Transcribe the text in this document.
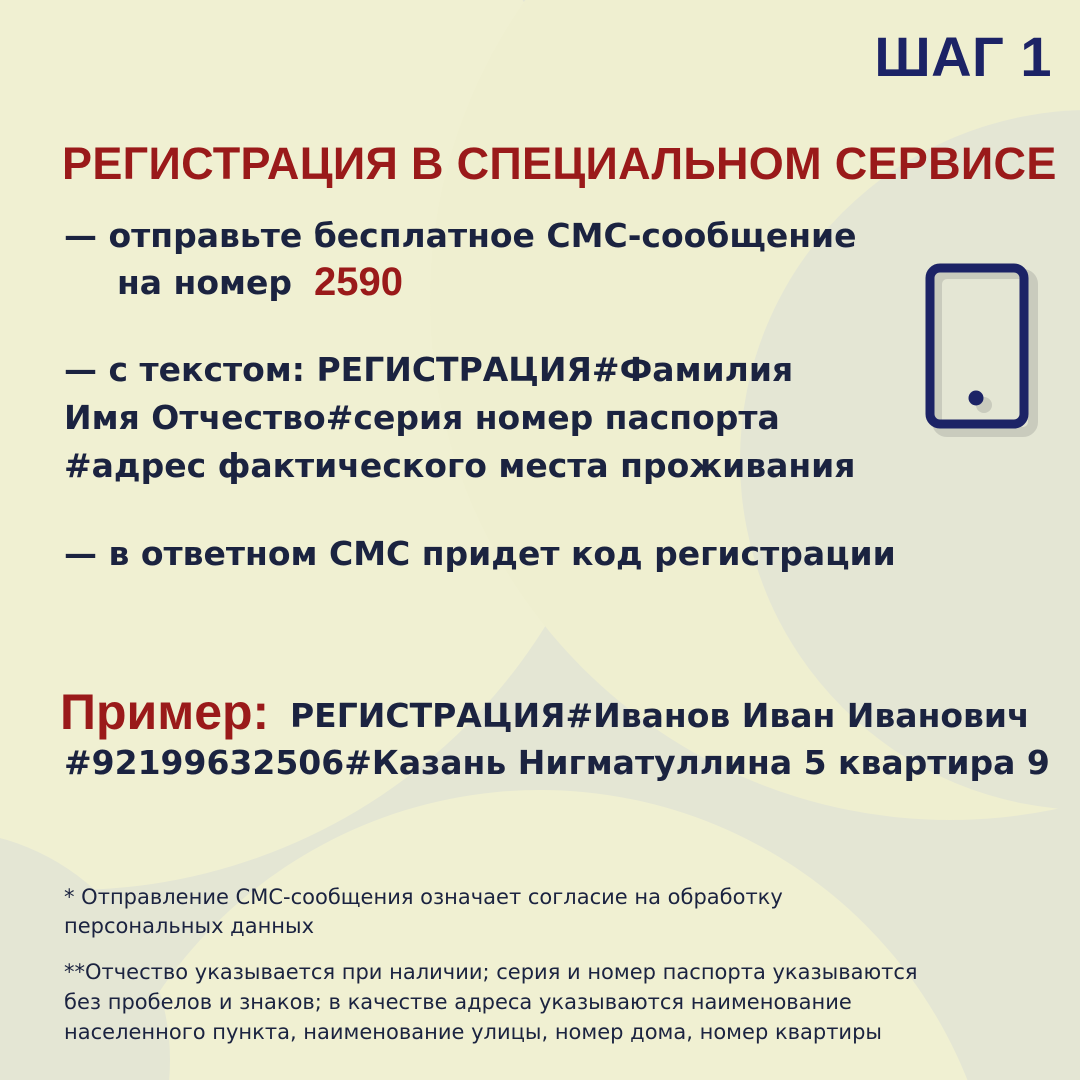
ШАГ 1
РЕГИСТРАЦИЯ В СПЕЦИАЛЬНОМ СЕРВИСЕ
— отправьте бесплатное СМС-сообщение
на номер 2590
— с текстом: РЕГИСТРАЦИЯ#Фамилия
Имя Отчество#серия номер паспорта
#адрес фактического места проживания
— в ответном СМС придет код регистрации
Пример: РЕГИСТРАЦИЯ#Иванов Иван Иванович
#92199632506#Казань Нигматуллина 5 квартира 9
* Отправление СМС-сообщения означает согласие на обработку
персональных данных
**Отчество указывается при наличии; серия и номер паспорта указываются
без пробелов и знаков; в качестве адреса указываются наименование
населенного пункта, наименование улицы, номер дома, номер квартиры
